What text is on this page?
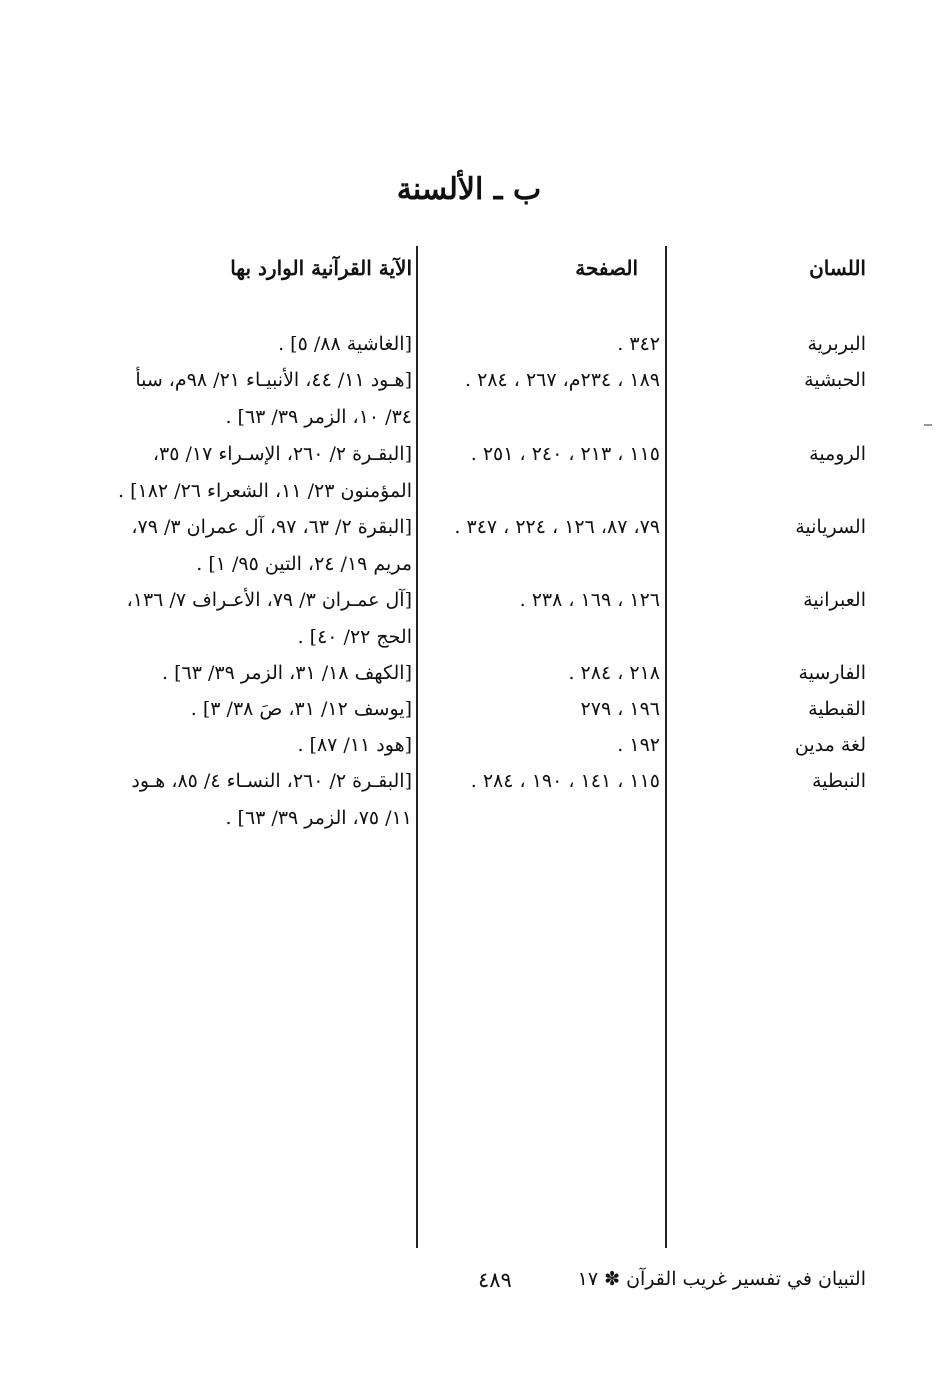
ب ـ الألسنة
اللسان
الصفحة
الآية القرآنية الوارد بها
البربرية
٣٤٢ .
[الغاشية ٨٨/ ٥] .
الحبشية
١٨٩ ، ٢٣٤م، ٢٦٧ ، ٢٨٤ .
[هـود ١١/ ٤٤، الأنبيـاء ٢١/ ٩٨م، سبأ
٣٤/ ١٠، الزمر ٣٩/ ٦٣] .
الرومية
١١٥ ، ٢١٣ ، ٢٤٠ ، ٢٥١ .
[البقـرة ٢/ ٢٦٠، الإسـراء ١٧/ ٣٥،
المؤمنون ٢٣/ ١١، الشعراء ٢٦/ ١٨٢] .
السريانية
٧٩، ٨٧، ١٢٦ ، ٢٢٤ ، ٣٤٧ .
[البقرة ٢/ ٦٣، ٩٧، آل عمران ٣/ ٧٩،
مريم ١٩/ ٢٤، التين ٩٥/ ١] .
العبرانية
١٢٦ ، ١٦٩ ، ٢٣٨ .
[آل عمـران ٣/ ٧٩، الأعـراف ٧/ ١٣٦،
الحج ٢٢/ ٤٠] .
الفارسية
٢١٨ ، ٢٨٤ .
[الكهف ١٨/ ٣١، الزمر ٣٩/ ٦٣] .
القبطية
١٩٦ ، ٢٧٩
[يوسف ١٢/ ٣١، صَ ٣٨/ ٣] .
لغة مدين
١٩٢ .
[هود ١١/ ٨٧] .
النبطية
١١٥ ، ١٤١ ، ١٩٠ ، ٢٨٤ .
[البقـرة ٢/ ٢٦٠، النسـاء ٤/ ٨٥، هـود
١١/ ٧٥، الزمر ٣٩/ ٦٣] .
التبيان في تفسير غريب القرآن ✽ ١٧
٤٨٩
